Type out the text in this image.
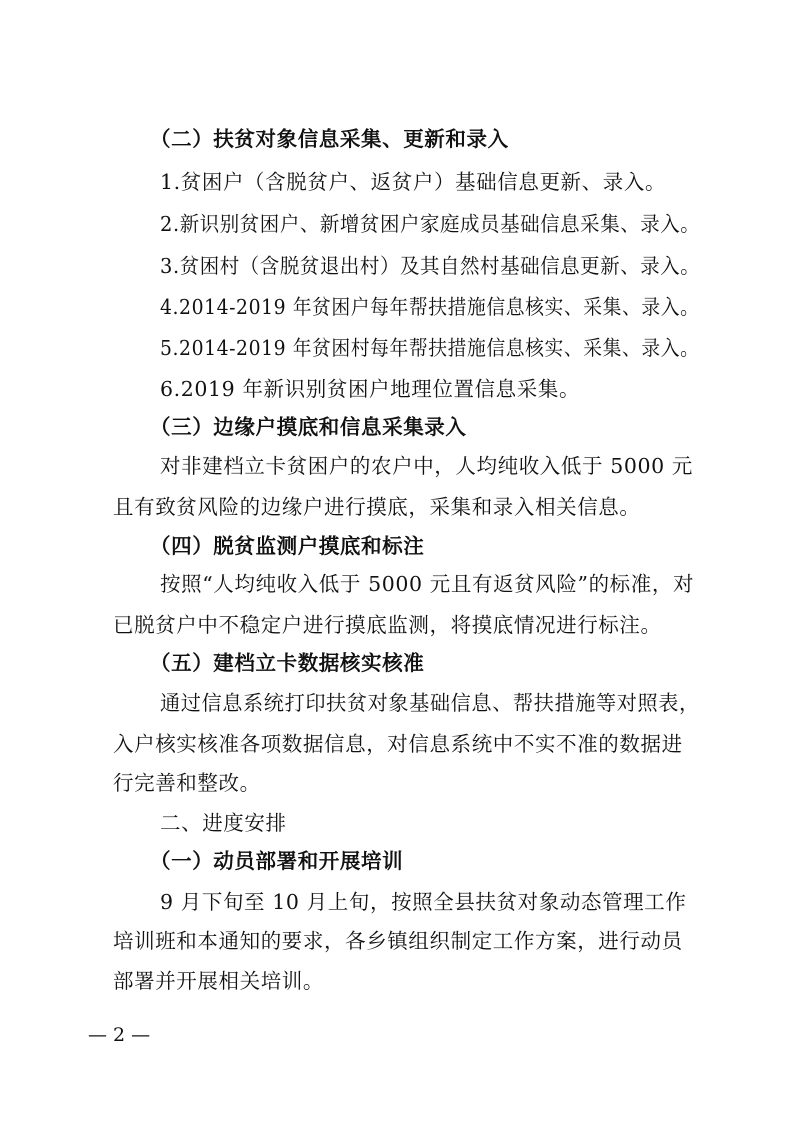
（二）扶贫对象信息采集、更新和录入
1.贫困户（含脱贫户、返贫户）基础信息更新、录入。
2.新识别贫困户、新增贫困户家庭成员基础信息采集、录入。
3.贫困村（含脱贫退出村）及其自然村基础信息更新、录入。
4.2014-2019 年贫困户每年帮扶措施信息核实、采集、录入。
5.2014-2019 年贫困村每年帮扶措施信息核实、采集、录入。
6.2019 年新识别贫困户地理位置信息采集。
（三）边缘户摸底和信息采集录入
对非建档立卡贫困户的农户中，人均纯收入低于 5000 元
且有致贫风险的边缘户进行摸底，采集和录入相关信息。
（四）脱贫监测户摸底和标注
按照“人均纯收入低于 5000 元且有返贫风险”的标准，对
已脱贫户中不稳定户进行摸底监测，将摸底情况进行标注。
（五）建档立卡数据核实核准
通过信息系统打印扶贫对象基础信息、帮扶措施等对照表，
入户核实核准各项数据信息，对信息系统中不实不准的数据进
行完善和整改。
二、进度安排
（一）动员部署和开展培训
9 月下旬至 10 月上旬，按照全县扶贫对象动态管理工作
培训班和本通知的要求，各乡镇组织制定工作方案，进行动员
部署并开展相关培训。
— 2 —
